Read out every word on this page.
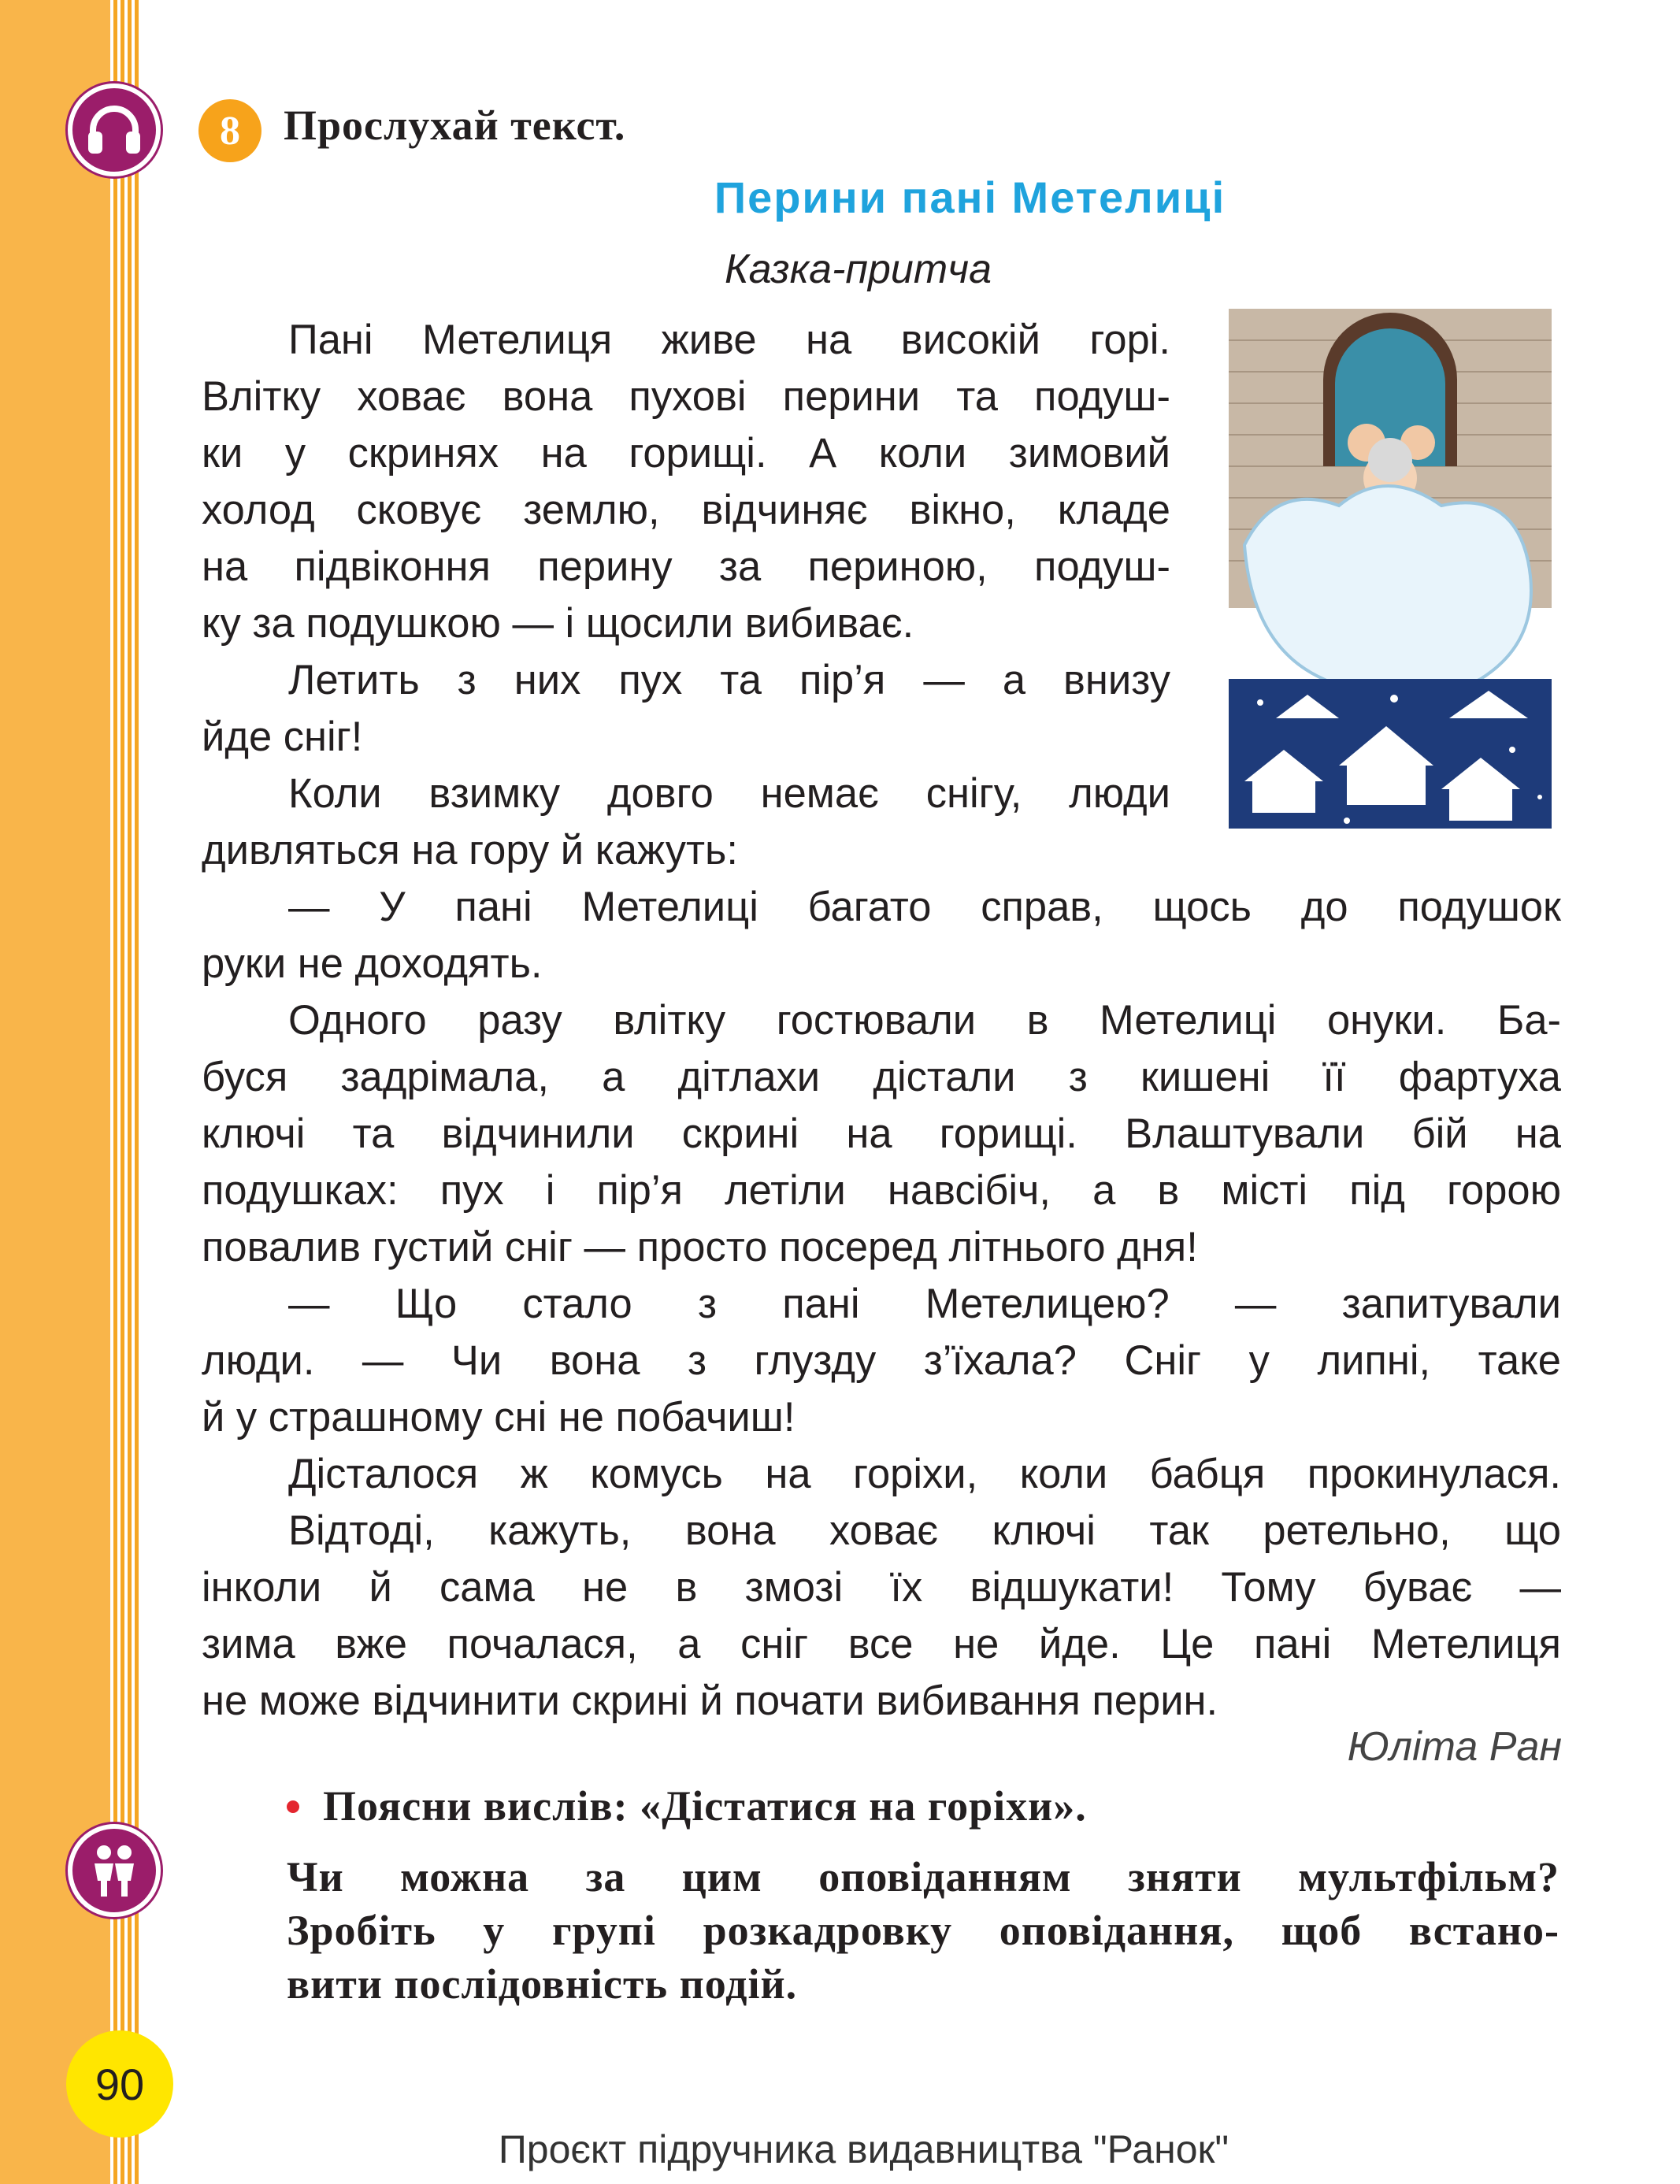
8	Прослухай текст.
Перини пані Метелиці
Казка-притча
Пані Метелиця живе на високій горі.
Влітку ховає вона пухові перини та подуш-
ки у скринях на горищі. А коли зимовий
холод сковує землю, відчиняє вікно, кладе
на підвіконня перину за периною, подуш-
ку за подушкою — і щосили вибиває.
Летить з них пух та пір’я — а внизу
йде сніг!
Коли взимку довго немає снігу, люди
дивляться на гору й кажуть:
— У пані Метелиці багато справ, щось до подушок
руки не доходять.
Одного разу влітку гостювали в Метелиці онуки. Ба-
буся задрімала, а дітлахи дістали з кишені її фартуха
ключі та відчинили скрині на горищі. Влаштували бій на
подушках: пух і пір’я летіли навсібіч, а в місті під горою
повалив густий сніг — просто посеред літнього дня!
— Що стало з пані Метелицею? — запитували
люди. — Чи вона з глузду з’їхала? Сніг у липні, таке
й у страшному сні не побачиш!
Дісталося ж комусь на горіхи, коли бабця прокинулася.
Відтоді, кажуть, вона ховає ключі так ретельно, що
інколи й сама не в змозі їх відшукати! Тому буває —
зима вже почалася, а сніг все не йде. Це пані Метелиця
не може відчинити скрині й почати вибивання перин.
Юліта Ран
Поясни вислів: «Дістатися на горіхи».
Чи можна за цим оповіданням зняти мультфільм?
Зробіть у групі розкадровку оповідання, щоб встано-
вити послідовність подій.
90
Проєкт підручника видавництва "Ранок"
